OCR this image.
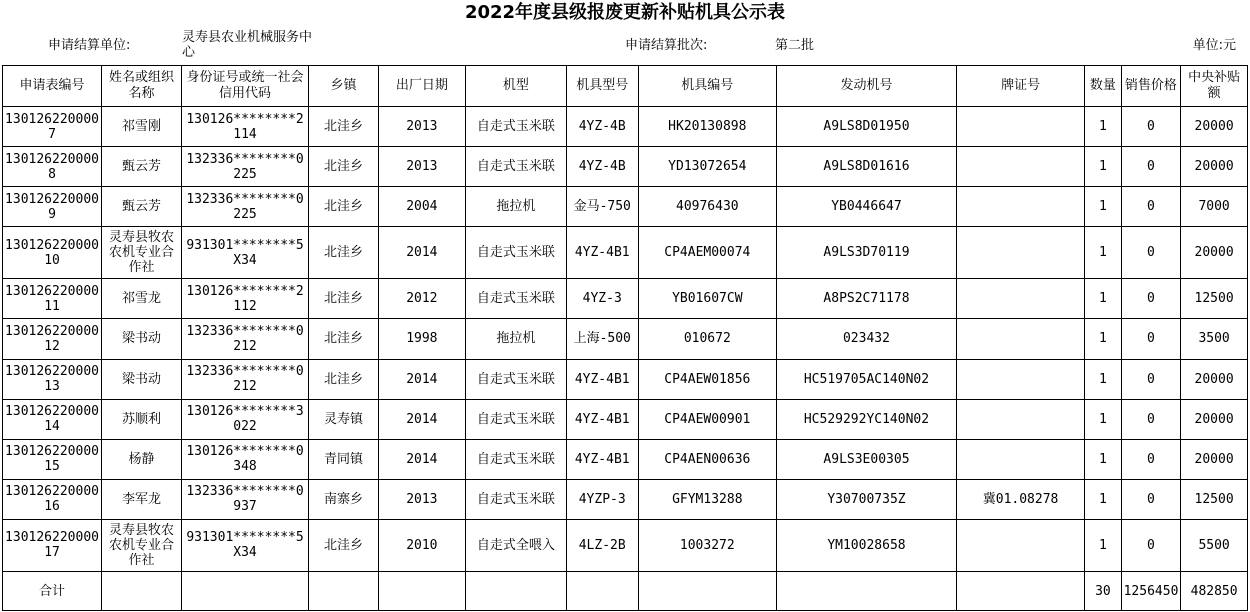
2022年度县级报废更新补贴机具公示表
申请结算单位:
灵寿县农业机械服务中心	申请结算批次:	第二批	单位:元
申请表编号	姓名或组织名称	身份证号或统一社会信用代码	乡镇	出厂日期	机型	机具型号	机具编号	发动机号	牌证号	数量	销售价格	中央补贴额
1301262200007	祁雪刚	130126********2114	北洼乡	2013	自走式玉米联	4YZ-4B	HK20130898	A9LS8D01950		1	0	20000
1301262200008	甄云芳	132336********0225	北洼乡	2013	自走式玉米联	4YZ-4B	YD13072654	A9LS8D01616		1	0	20000
1301262200009	甄云芳	132336********0225	北洼乡	2004	拖拉机	金马-750	40976430	YB0446647		1	0	7000
13012622000010	灵寿县牧农农机专业合作社	931301********5X34	北洼乡	2014	自走式玉米联	4YZ-4B1	CP4AEM00074	A9LS3D70119		1	0	20000
13012622000011	祁雪龙	130126********2112	北洼乡	2012	自走式玉米联	4YZ-3	YB01607CW	A8PS2C71178		1	0	12500
13012622000012	梁书动	132336********0212	北洼乡	1998	拖拉机	上海-500	010672	023432		1	0	3500
13012622000013	梁书动	132336********0212	北洼乡	2014	自走式玉米联	4YZ-4B1	CP4AEW01856	HC519705AC140N02		1	0	20000
13012622000014	苏顺利	130126********3022	灵寿镇	2014	自走式玉米联	4YZ-4B1	CP4AEW00901	HC529292YC140N02		1	0	20000
13012622000015	杨静	130126********0348	青同镇	2014	自走式玉米联	4YZ-4B1	CP4AEN00636	A9LS3E00305		1	0	20000
13012622000016	李军龙	132336********0937	南寨乡	2013	自走式玉米联	4YZP-3	GFYM13288	Y30700735Z	冀01.08278	1	0	12500
13012622000017	灵寿县牧农农机专业合作社	931301********5X34	北洼乡	2010	自走式全喂入	4LZ-2B	1003272	YM10028658		1	0	5500
合计										30	1256450	482850
